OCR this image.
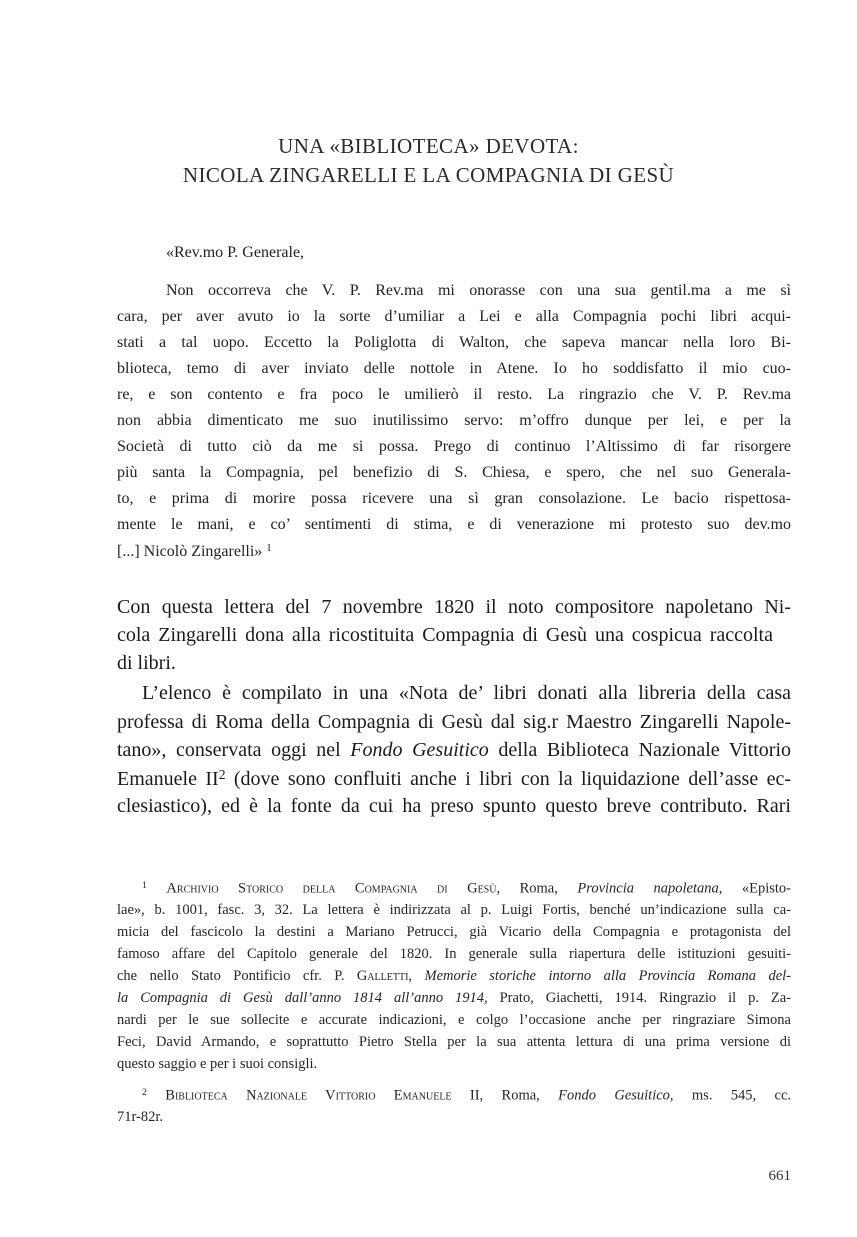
UNA «BIBLIOTECA» DEVOTA:
NICOLA ZINGARELLI E LA COMPAGNIA DI GESÙ
«Rev.mo P. Generale,
Non occorreva che V. P. Rev.ma mi onorasse con una sua gentil.ma a me sì
cara, per aver avuto io la sorte d’umiliar a Lei e alla Compagnia pochi libri acqui-
stati a tal uopo. Eccetto la Poliglotta di Walton, che sapeva mancar nella loro Bi-
blioteca, temo di aver inviato delle nottole in Atene. Io ho soddisfatto il mio cuo-
re, e son contento e fra poco le umilierò il resto. La ringrazio che V. P. Rev.ma
non abbia dimenticato me suo inutilissimo servo: m’offro dunque per lei, e per la
Società di tutto ciò da me si possa. Prego di continuo l’Altissimo di far risorgere
più santa la Compagnia, pel benefizio di S. Chiesa, e spero, che nel suo Generala-
to, e prima di morire possa ricevere una sì gran consolazione. Le bacio rispettosa-
mente le mani, e co’ sentimenti di stima, e di venerazione mi protesto suo dev.mo
[...] Nicolò Zingarelli» $^1$
Con questa lettera del 7 novembre 1820 il noto compositore napoletano Ni-
cola Zingarelli dona alla ricostituita Compagnia di Gesù una cospicua raccolta
di libri.
L’elenco è compilato in una «Nota de’ libri donati alla libreria della casa
professa di Roma della Compagnia di Gesù dal sig.r Maestro Zingarelli Napole-
tano», conservata oggi nel Fondo Gesuitico della Biblioteca Nazionale Vittorio
Emanuele $II^2$ (dove sono confluiti anche i libri con la liquidazione dell’asse ec-
clesiastico), ed è la fonte da cui ha preso spunto questo breve contributo. Rari
$^1$ Archivio Storico della Compagnia di Gesù, Roma, Provincia napoletana, «Episto-
lae», b. 1001, fasc. 3, 32. La lettera è indirizzata al p. Luigi Fortis, benché un’indicazione sulla ca-
micia del fascicolo la destini a Mariano Petrucci, già Vicario della Compagnia e protagonista del
famoso affare del Capitolo generale del 1820. In generale sulla riapertura delle istituzioni gesuiti-
che nello Stato Pontificio cfr. P. Galletti, Memorie storiche intorno alla Provincia Romana del-
la Compagnia di Gesù dall’anno 1814 all’anno 1914, Prato, Giachetti, 1914. Ringrazio il p. Za-
nardi per le sue sollecite e accurate indicazioni, e colgo l’occasione anche per ringraziare Simona
Feci, David Armando, e soprattutto Pietro Stella per la sua attenta lettura di una prima versione di
questo saggio e per i suoi consigli.
$^2$ Biblioteca Nazionale Vittorio Emanuele II, Roma, Fondo Gesuitico, ms. 545, cc.
71r-82r.
661
